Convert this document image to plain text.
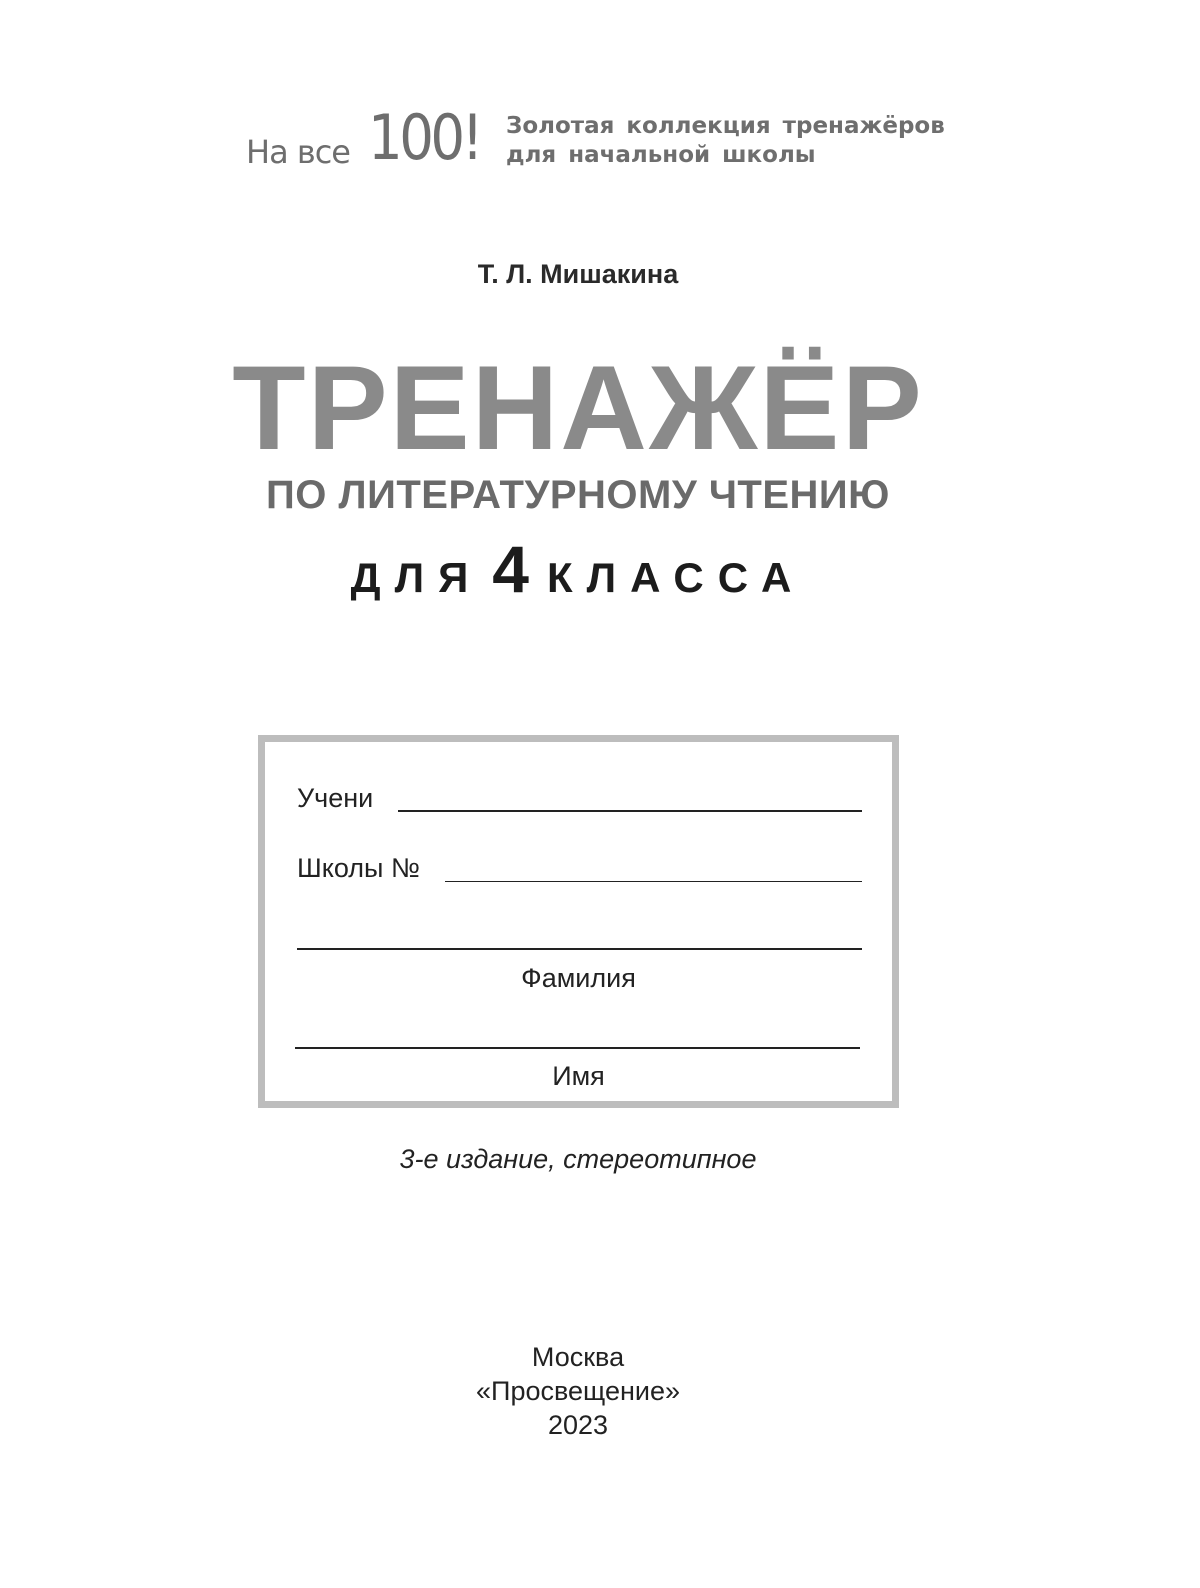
На все 100! Золотая коллекция тренажёров
для начальной школы
Т. Л. Мишакина
ТРЕНАЖЁР
ПО ЛИТЕРАТУРНОМУ ЧТЕНИЮ
ДЛЯ 4 КЛАССА
Учени
Школы №
Фамилия
Имя
3-е издание, стереотипное
Москва
«Просвещение»
2023
